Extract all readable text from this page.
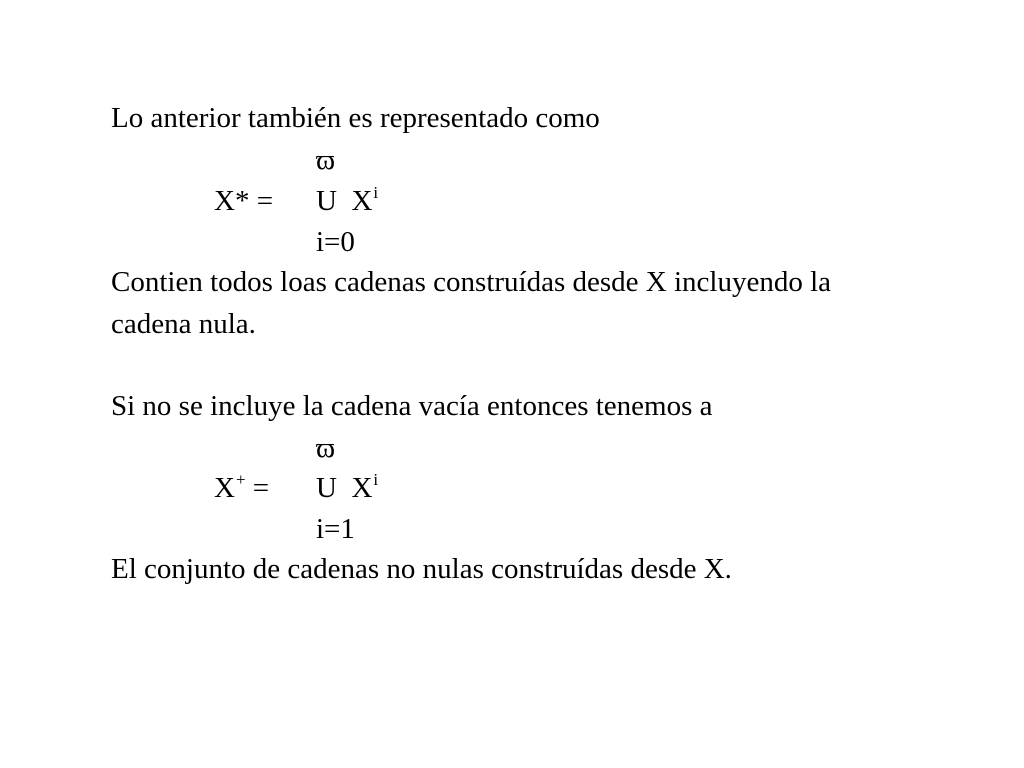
Lo anterior también es representado como
ϖ
X* = U $X^i$
i=0
Contien todos loas cadenas construídas desde X incluyendo la
cadena nula.
Si no se incluye la cadena vacía entonces tenemos a
ϖ
X+ = U $X^i$
i=1
El conjunto de cadenas no nulas construídas desde X.
